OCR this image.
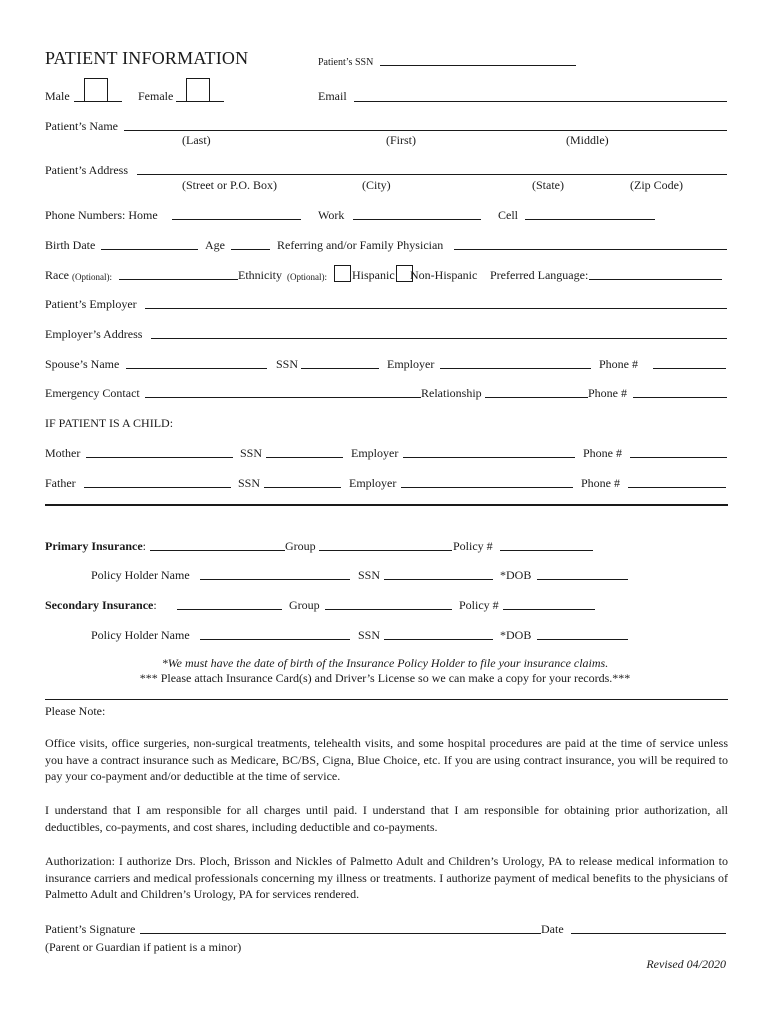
PATIENT INFORMATION	Patient’s SSN
Male	Female	Email
Patient’s Name
(Last)	(First)	(Middle)
Patient’s Address
(Street or P.O. Box)	(City)	(State)	(Zip Code)
Phone Numbers: Home	Work	Cell
Birth Date	Age	Referring and/or Family Physician
Race (Optional):	Ethnicity (Optional): Hispanic Non-Hispanic Preferred Language:
Patient’s Employer
Employer’s Address
Spouse’s Name	SSN	Employer	Phone #
Emergency Contact	Relationship	Phone #
IF PATIENT IS A CHILD:
Mother	SSN	Employer	Phone #
Father	SSN	Employer	Phone #
Primary Insurance:	Group	Policy #
Policy Holder Name	SSN	*DOB
Secondary Insurance:	Group	Policy #
Policy Holder Name	SSN	*DOB
*We must have the date of birth of the Insurance Policy Holder to file your insurance claims.
*** Please attach Insurance Card(s) and Driver’s License so we can make a copy for your records.***
Please Note:
Office visits, office surgeries, non-surgical treatments, telehealth visits, and some hospital procedures are paid at the time of service unless you have a contract insurance such as Medicare, BC/BS, Cigna, Blue Choice, etc. If you are using contract insurance, you will be required to pay your co-payment and/or deductible at the time of service.
I understand that I am responsible for all charges until paid. I understand that I am responsible for obtaining prior authorization, all deductibles, co-payments, and cost shares, including deductible and co-payments.
Authorization: I authorize Drs. Ploch, Brisson and Nickles of Palmetto Adult and Children’s Urology, PA to release medical information to insurance carriers and medical professionals concerning my illness or treatments. I authorize payment of medical benefits to the physicians of Palmetto Adult and Children’s Urology, PA for services rendered.
Patient’s Signature	Date
(Parent or Guardian if patient is a minor)
Revised 04/2020
